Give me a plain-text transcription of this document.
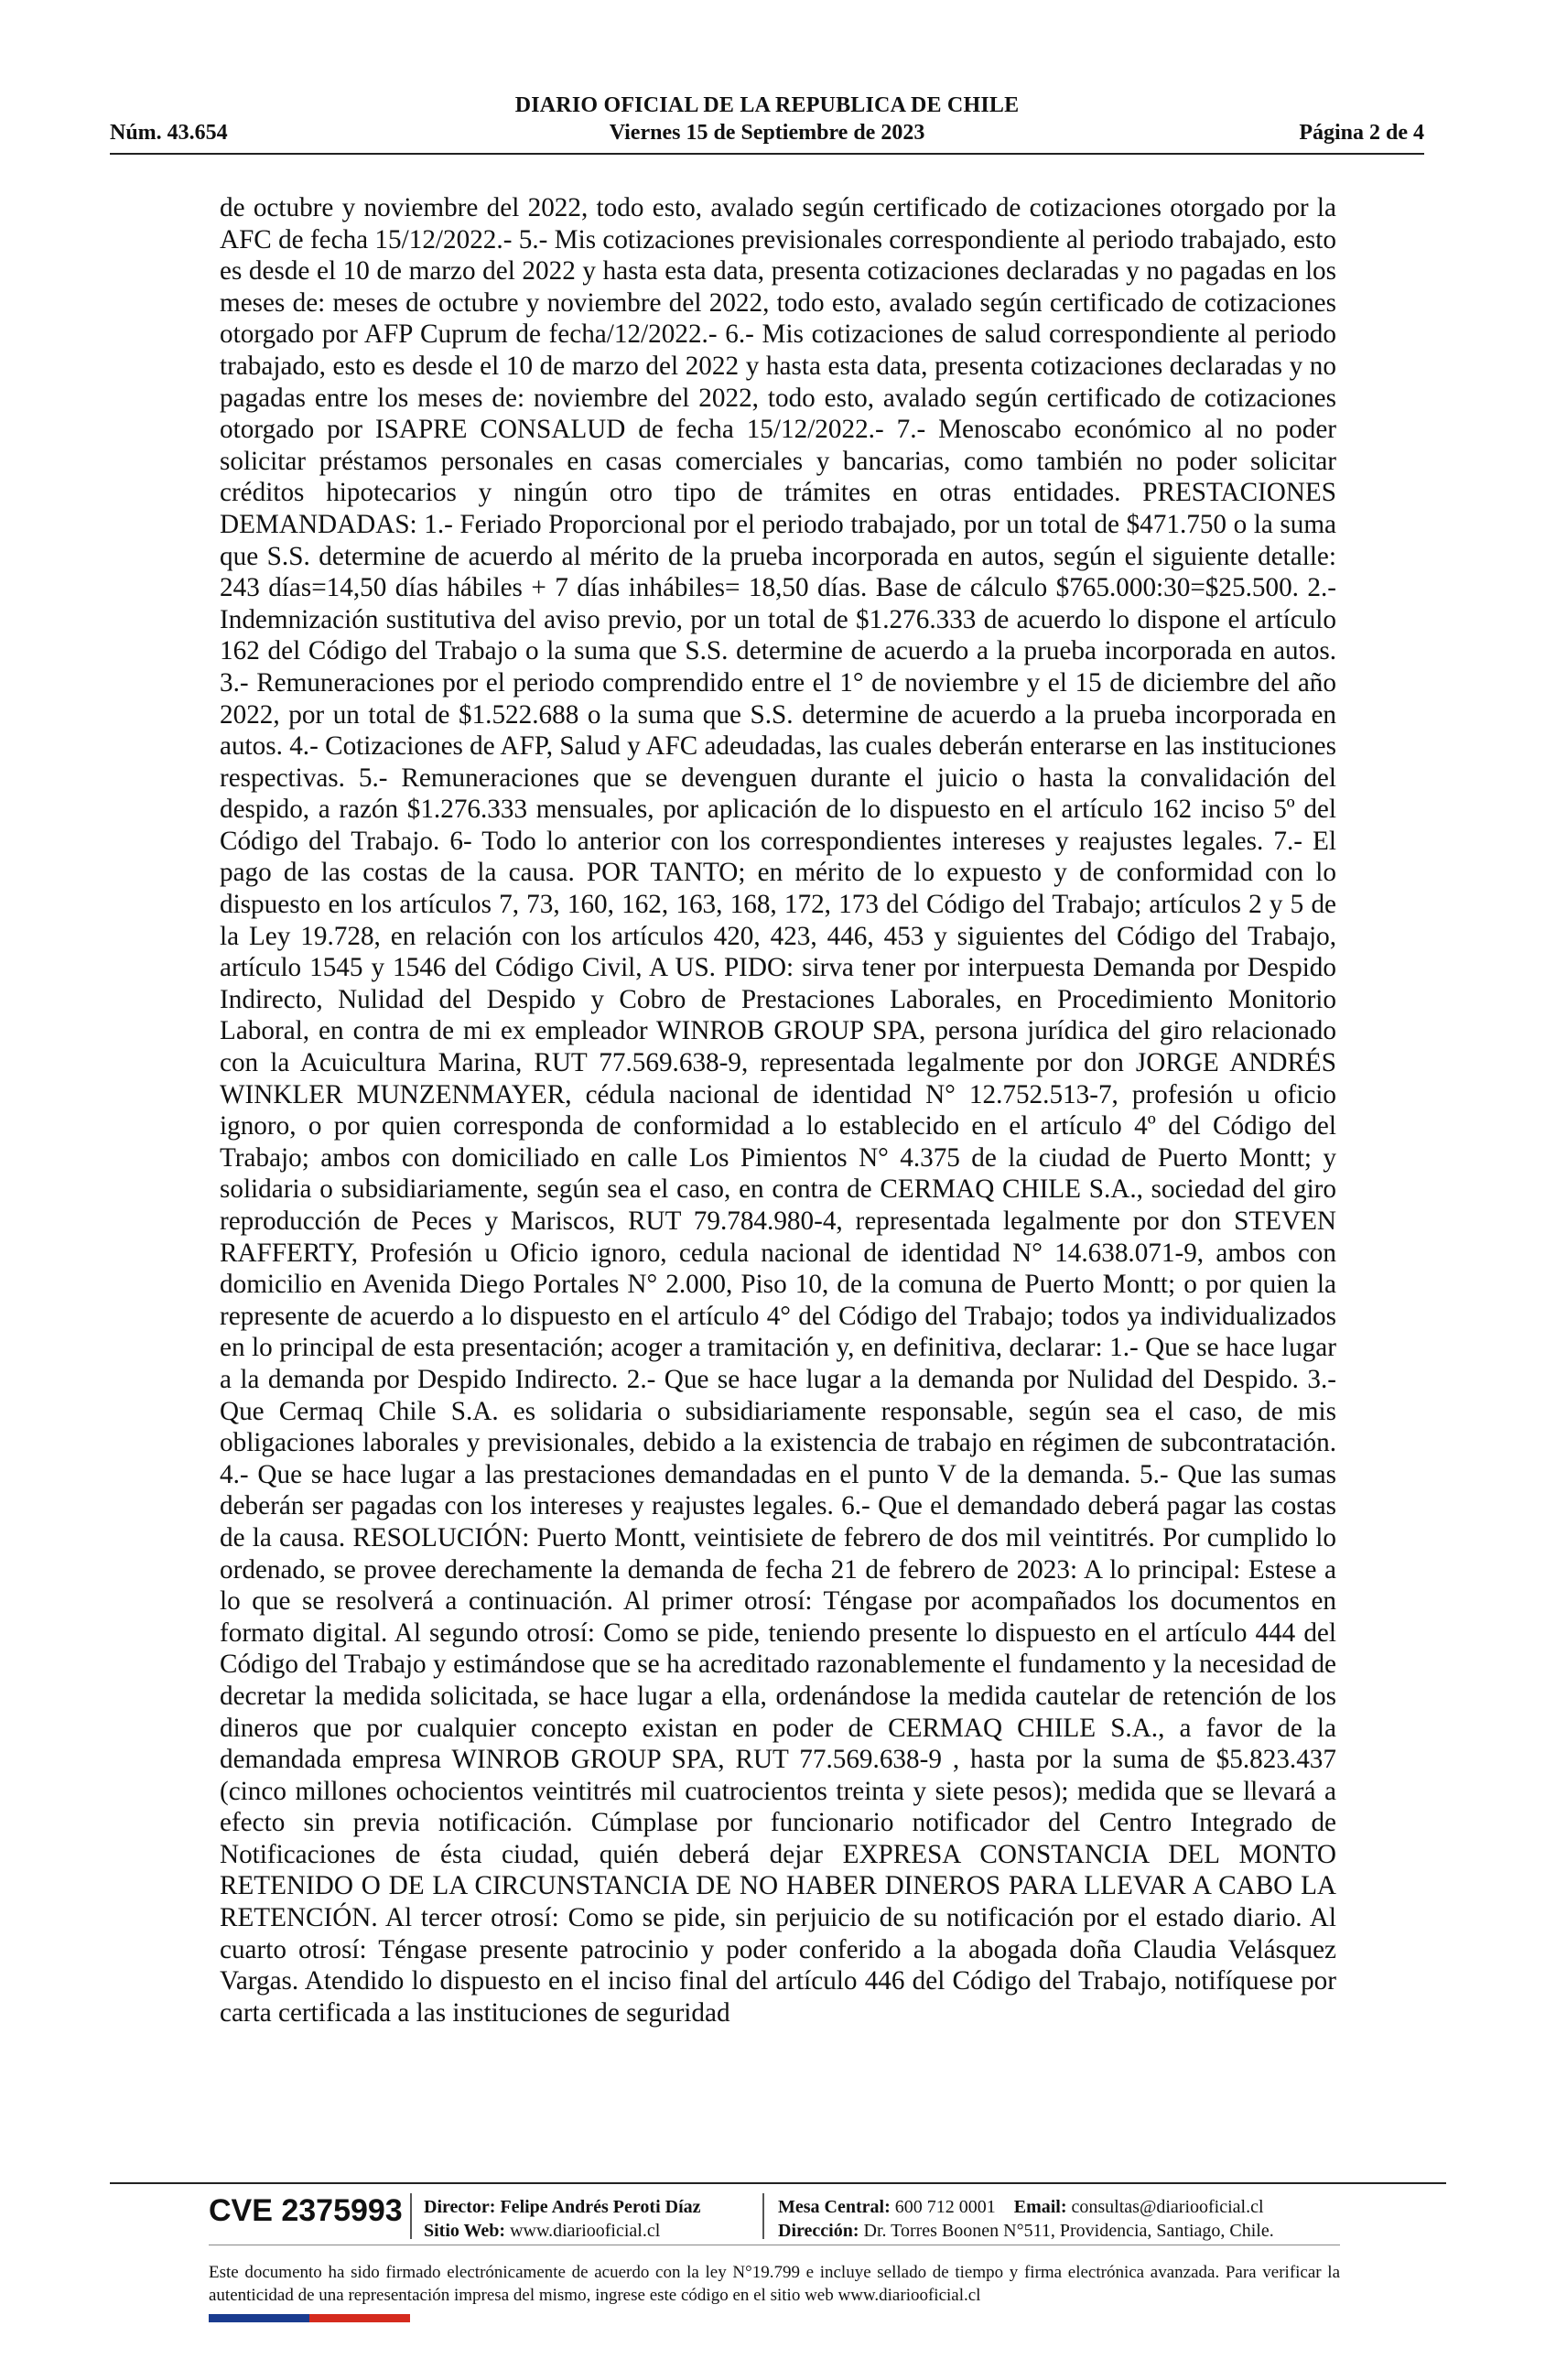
DIARIO OFICIAL DE LA REPUBLICA DE CHILE
Viernes 15 de Septiembre de 2023
Núm. 43.654	Página 2 de 4
de octubre y noviembre del 2022, todo esto, avalado según certificado de cotizaciones otorgado por la AFC de fecha 15/12/2022.- 5.- Mis cotizaciones previsionales correspondiente al periodo trabajado, esto es desde el 10 de marzo del 2022 y hasta esta data, presenta cotizaciones declaradas y no pagadas en los meses de: meses de octubre y noviembre del 2022, todo esto, avalado según certificado de cotizaciones otorgado por AFP Cuprum de fecha/12/2022.- 6.- Mis cotizaciones de salud correspondiente al periodo trabajado, esto es desde el 10 de marzo del 2022 y hasta esta data, presenta cotizaciones declaradas y no pagadas entre los meses de: noviembre del 2022, todo esto, avalado según certificado de cotizaciones otorgado por ISAPRE CONSALUD de fecha 15/12/2022.- 7.- Menoscabo económico al no poder solicitar préstamos personales en casas comerciales y bancarias, como también no poder solicitar créditos hipotecarios y ningún otro tipo de trámites en otras entidades. PRESTACIONES DEMANDADAS: 1.- Feriado Proporcional por el periodo trabajado, por un total de $471.750 o la suma que S.S. determine de acuerdo al mérito de la prueba incorporada en autos, según el siguiente detalle: 243 días=14,50 días hábiles + 7 días inhábiles= 18,50 días. Base de cálculo $765.000:30=$25.500. 2.- Indemnización sustitutiva del aviso previo, por un total de $1.276.333 de acuerdo lo dispone el artículo 162 del Código del Trabajo o la suma que S.S. determine de acuerdo a la prueba incorporada en autos. 3.- Remuneraciones por el periodo comprendido entre el 1° de noviembre y el 15 de diciembre del año 2022, por un total de $1.522.688 o la suma que S.S. determine de acuerdo a la prueba incorporada en autos. 4.- Cotizaciones de AFP, Salud y AFC adeudadas, las cuales deberán enterarse en las instituciones respectivas. 5.- Remuneraciones que se devenguen durante el juicio o hasta la convalidación del despido, a razón $1.276.333 mensuales, por aplicación de lo dispuesto en el artículo 162 inciso 5º del Código del Trabajo. 6- Todo lo anterior con los correspondientes intereses y reajustes legales. 7.- El pago de las costas de la causa. POR TANTO; en mérito de lo expuesto y de conformidad con lo dispuesto en los artículos 7, 73, 160, 162, 163, 168, 172, 173 del Código del Trabajo; artículos 2 y 5 de la Ley 19.728, en relación con los artículos 420, 423, 446, 453 y siguientes del Código del Trabajo, artículo 1545 y 1546 del Código Civil, A US. PIDO: sirva tener por interpuesta Demanda por Despido Indirecto, Nulidad del Despido y Cobro de Prestaciones Laborales, en Procedimiento Monitorio Laboral, en contra de mi ex empleador WINROB GROUP SPA, persona jurídica del giro relacionado con la Acuicultura Marina, RUT 77.569.638-9, representada legalmente por don JORGE ANDRÉS WINKLER MUNZENMAYER, cédula nacional de identidad N° 12.752.513-7, profesión u oficio ignoro, o por quien corresponda de conformidad a lo establecido en el artículo 4º del Código del Trabajo; ambos con domiciliado en calle Los Pimientos N° 4.375 de la ciudad de Puerto Montt; y solidaria o subsidiariamente, según sea el caso, en contra de CERMAQ CHILE S.A., sociedad del giro reproducción de Peces y Mariscos, RUT 79.784.980-4, representada legalmente por don STEVEN RAFFERTY, Profesión u Oficio ignoro, cedula nacional de identidad N° 14.638.071-9, ambos con domicilio en Avenida Diego Portales N° 2.000, Piso 10, de la comuna de Puerto Montt; o por quien la represente de acuerdo a lo dispuesto en el artículo 4° del Código del Trabajo; todos ya individualizados en lo principal de esta presentación; acoger a tramitación y, en definitiva, declarar: 1.- Que se hace lugar a la demanda por Despido Indirecto. 2.- Que se hace lugar a la demanda por Nulidad del Despido. 3.- Que Cermaq Chile S.A. es solidaria o subsidiariamente responsable, según sea el caso, de mis obligaciones laborales y previsionales, debido a la existencia de trabajo en régimen de subcontratación. 4.- Que se hace lugar a las prestaciones demandadas en el punto V de la demanda. 5.- Que las sumas deberán ser pagadas con los intereses y reajustes legales. 6.- Que el demandado deberá pagar las costas de la causa. RESOLUCIÓN: Puerto Montt, veintisiete de febrero de dos mil veintitrés. Por cumplido lo ordenado, se provee derechamente la demanda de fecha 21 de febrero de 2023: A lo principal: Estese a lo que se resolverá a continuación. Al primer otrosí: Téngase por acompañados los documentos en formato digital. Al segundo otrosí: Como se pide, teniendo presente lo dispuesto en el artículo 444 del Código del Trabajo y estimándose que se ha acreditado razonablemente el fundamento y la necesidad de decretar la medida solicitada, se hace lugar a ella, ordenándose la medida cautelar de retención de los dineros que por cualquier concepto existan en poder de CERMAQ CHILE S.A., a favor de la demandada empresa WINROB GROUP SPA, RUT 77.569.638-9 , hasta por la suma de $5.823.437 (cinco millones ochocientos veintitrés mil cuatrocientos treinta y siete pesos); medida que se llevará a efecto sin previa notificación. Cúmplase por funcionario notificador del Centro Integrado de Notificaciones de ésta ciudad, quién deberá dejar EXPRESA CONSTANCIA DEL MONTO RETENIDO O DE LA CIRCUNSTANCIA DE NO HABER DINEROS PARA LLEVAR A CABO LA RETENCIÓN. Al tercer otrosí: Como se pide, sin perjuicio de su notificación por el estado diario. Al cuarto otrosí: Téngase presente patrocinio y poder conferido a la abogada doña Claudia Velásquez Vargas. Atendido lo dispuesto en el inciso final del artículo 446 del Código del Trabajo, notifíquese por carta certificada a las instituciones de seguridad
CVE 2375993 Director: Felipe Andrés Peroti Díaz
Sitio Web: www.diariooficial.cl
Mesa Central: 600 712 0001 Email: consultas@diariooficial.cl
Dirección: Dr. Torres Boonen N°511, Providencia, Santiago, Chile.
Este documento ha sido firmado electrónicamente de acuerdo con la ley N°19.799 e incluye sellado de tiempo y firma electrónica avanzada. Para verificar la autenticidad de una representación impresa del mismo, ingrese este código en el sitio web www.diariooficial.cl
